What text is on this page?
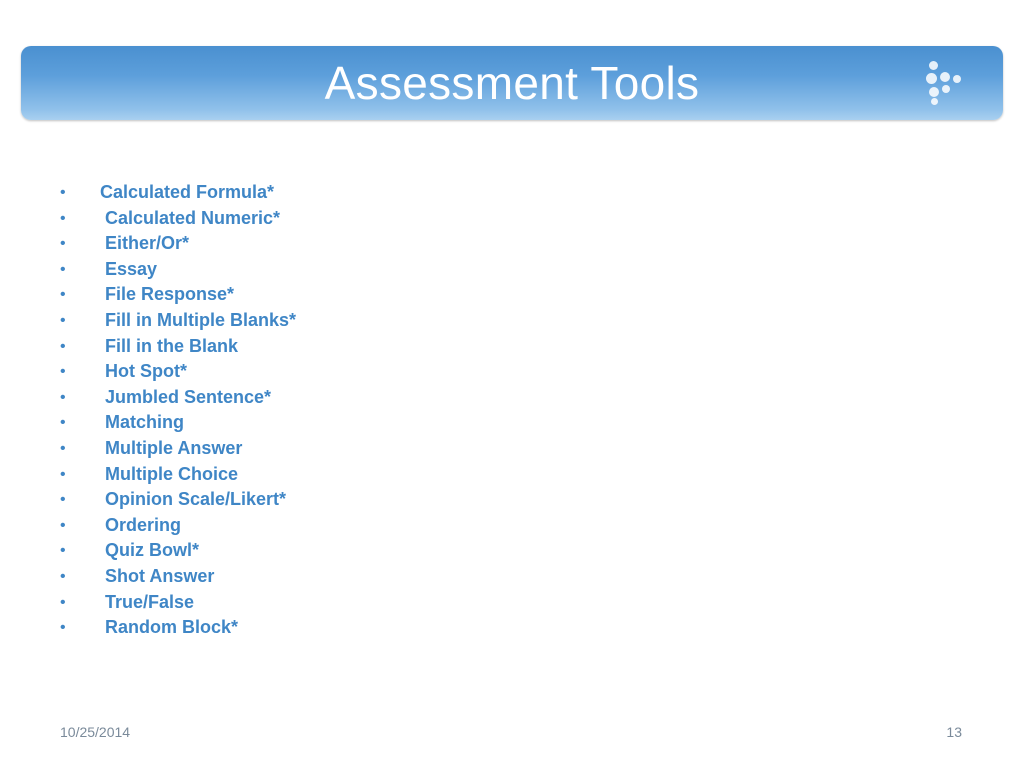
Assessment Tools
• Calculated Formula*
• Calculated Numeric*
• Either/Or*
• Essay
• File Response*
• Fill in Multiple Blanks*
• Fill in the Blank
• Hot Spot*
• Jumbled Sentence*
• Matching
• Multiple Answer
• Multiple Choice
• Opinion Scale/Likert*
• Ordering
• Quiz Bowl*
• Shot Answer
• True/False
• Random Block*
10/25/2014	13
